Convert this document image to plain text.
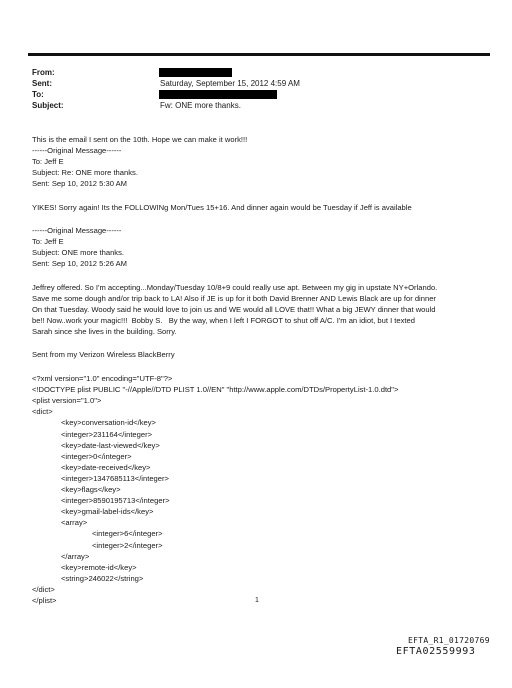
From:
Sent:	Saturday, September 15, 2012 4:59 AM
To:
Subject:	Fw: ONE more thanks.
This is the email I sent on the 10th. Hope we can make it work!!!
------Original Message------
To: Jeff E
Subject: Re: ONE more thanks.
Sent: Sep 10, 2012 5:30 AM
YIKES! Sorry again! Its the FOLLOWINg Mon/Tues 15+16. And dinner again would be Tuesday if Jeff is available
------Original Message------
To: Jeff E
Subject: ONE more thanks.
Sent: Sep 10, 2012 5:26 AM
Jeffrey offered. So I'm accepting...Monday/Tuesday 10/8+9 could really use apt. Between my gig in upstate NY+Orlando.
Save me some dough and/or trip back to LA! Also if JE is up for it both David Brenner AND Lewis Black are up for dinner
On that Tuesday. Woody said he would love to join us and WE would all LOVE that!! What a big JEWY dinner that would
be!! Now..work your magic!!!  Bobby S.   By the way, when I left I FORGOT to shut off A/C. I'm an idiot, but I texted
Sarah since she lives in the building. Sorry.
Sent from my Verizon Wireless BlackBerry
<?xml version="1.0" encoding="UTF-8"?>
<!DOCTYPE plist PUBLIC "-//Apple//DTD PLIST 1.0//EN" "http://www.apple.com/DTDs/PropertyList-1.0.dtd">
<plist version="1.0">
<dict>
<key>conversation-id</key>
<integer>231164</integer>
<key>date-last-viewed</key>
<integer>0</integer>
<key>date-received</key>
<integer>1347685113</integer>
<key>flags</key>
<integer>8590195713</integer>
<key>gmail-label-ids</key>
<array>
<integer>6</integer>
<integer>2</integer>
</array>
<key>remote-id</key>
<string>246022</string>
</dict>
</plist>	1
EFTA_R1_01720769
EFTA02559993
